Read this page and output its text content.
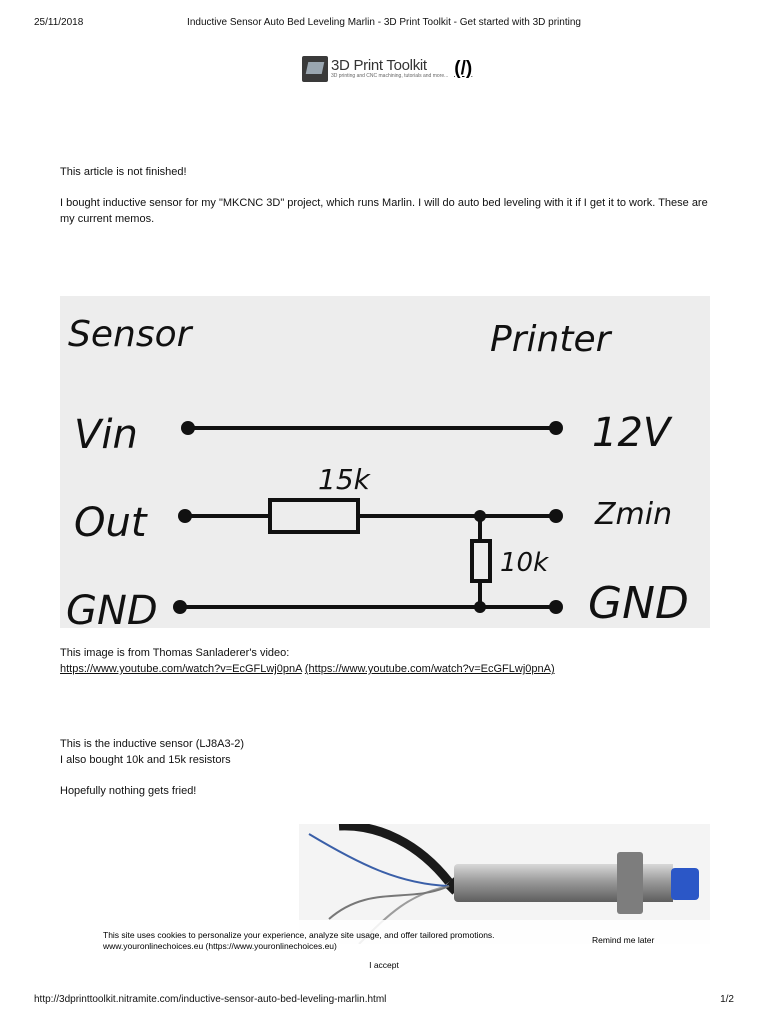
25/11/2018	Inductive Sensor Auto Bed Leveling Marlin - 3D Print Toolkit - Get started with 3D printing
3D Print Toolkit
3D printing and CNC machining, tutorials and more... (/)
This article is not finished!
I bought inductive sensor for my "MKCNC 3D" project, which runs Marlin. I will do auto bed leveling with it if I get it to work. These are my current memos.
Sensor	Printer
Vin
Out
GND
12V
Zmin
GND
15k
10k
This image is from Thomas Sanladerer's video:
https://www.youtube.com/watch?v=EcGFLwj0pnA (https://www.youtube.com/watch?v=EcGFLwj0pnA)
This is the inductive sensor (LJ8A3-2)
I also bought 10k and 15k resistors
Hopefully nothing gets fried!
This site uses cookies to personalize your experience, analyze site usage, and offer tailored promotions.
www.youronlinechoices.eu (https://www.youronlinechoices.eu)
Remind me later
I accept
http://3dprinttoolkit.nitramite.com/inductive-sensor-auto-bed-leveling-marlin.html	1/2
